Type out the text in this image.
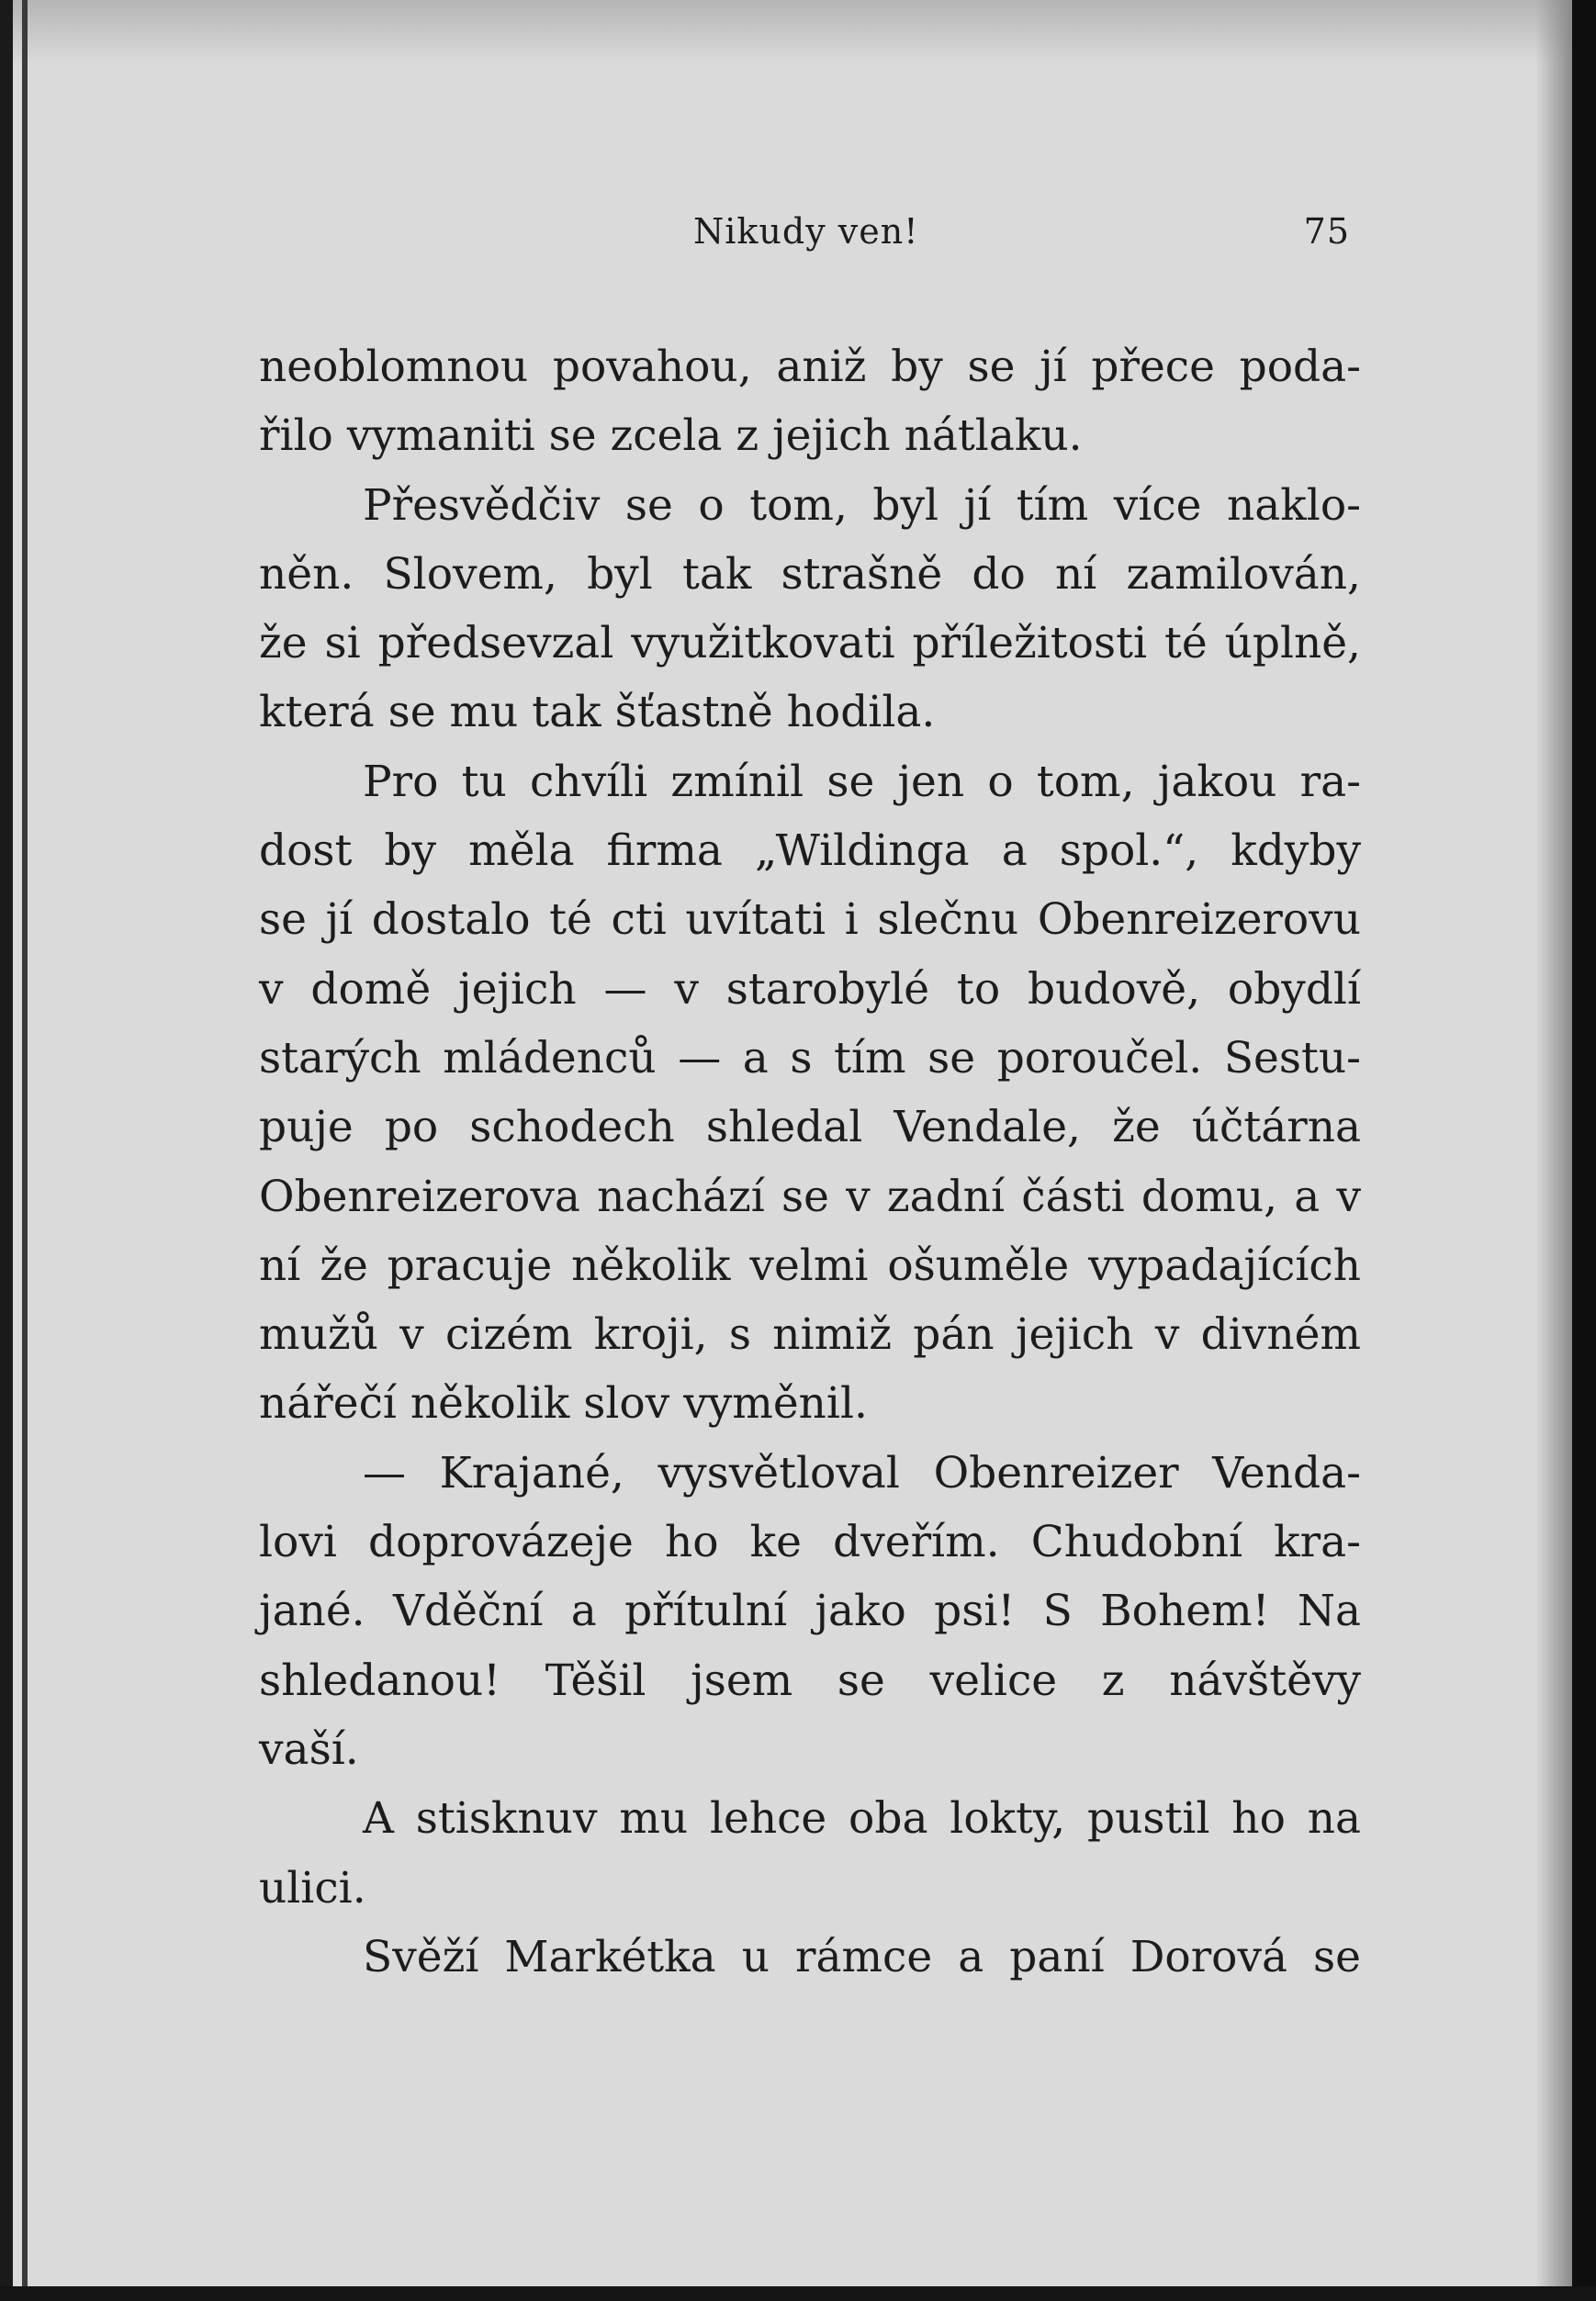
Nikudy ven!	75
neoblomnou povahou, aniž by se jí přece poda-
řilo vymaniti se zcela z jejich nátlaku.
Přesvědčiv se o tom, byl jí tím více naklo-
něn. Slovem, byl tak strašně do ní zamilován,
že si předsevzal využitkovati příležitosti té úplně,
která se mu tak šťastně hodila.
Pro tu chvíli zmínil se jen o tom, jakou ra-
dost by měla firma „Wildinga a spol.“, kdyby
se jí dostalo té cti uvítati i slečnu Obenreizerovu
v domě jejich — v starobylé to budově, obydlí
starých mládenců — a s tím se poroučel. Sestu-
puje po schodech shledal Vendale, že účtárna
Obenreizerova nachází se v zadní části domu, a v
ní že pracuje několik velmi ošuměle vypadajících
mužů v cizém kroji, s nimiž pán jejich v divném
nářečí několik slov vyměnil.
— Krajané, vysvětloval Obenreizer Venda-
lovi doprovázeje ho ke dveřím. Chudobní kra-
jané. Vděční a přítulní jako psi! S Bohem! Na
shledanou! Těšil jsem se velice z návštěvy
vaší.
A stisknuv mu lehce oba lokty, pustil ho na
ulici.
Svěží Markétka u rámce a paní Dorová se
